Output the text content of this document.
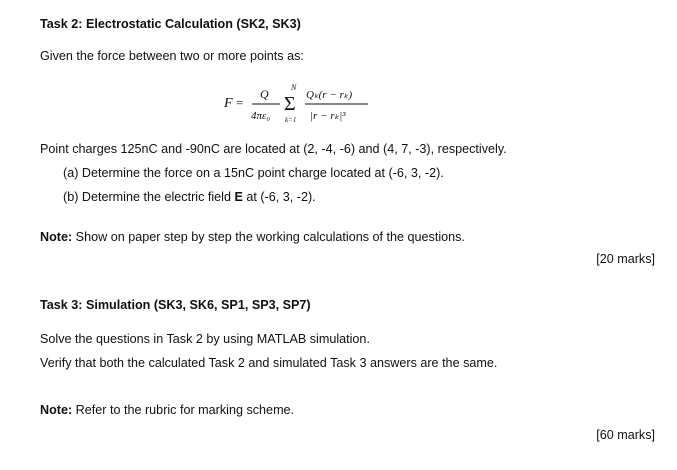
Task 2: Electrostatic Calculation (SK2, SK3)
Given the force between two or more points as:
F =
Q
4πε₀
N
Σ
k=1
Qₖ(r − rₖ)
|r − rₖ|³
Point charges 125nC and -90nC are located at (2, -4, -6) and (4, 7, -3), respectively.
(a) Determine the force on a 15nC point charge located at (-6, 3, -2).
(b) Determine the electric field E at (-6, 3, -2).
Note: Show on paper step by step the working calculations of the questions.
[20 marks]
Task 3: Simulation (SK3, SK6, SP1, SP3, SP7)
Solve the questions in Task 2 by using MATLAB simulation.
Verify that both the calculated Task 2 and simulated Task 3 answers are the same.
Note: Refer to the rubric for marking scheme.
[60 marks]
